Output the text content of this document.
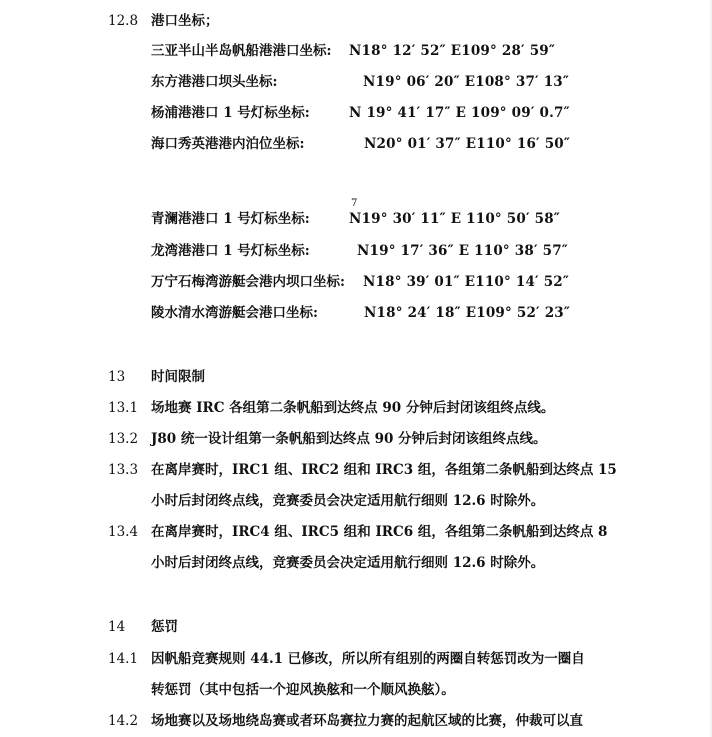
12.8 港口坐标；
三亚半山半岛帆船港港口坐标: N18° 12′ 52″ E109° 28′ 59″
东方港港口坝头坐标:	N19° 06′ 20″ E108° 37′ 13″
杨浦港港口 1 号灯标坐标:	N 19° 41′ 17″ E 109° 09′ 0.7″
海口秀英港港内泊位坐标:	N20° 01′ 37″ E110° 16′ 50″
7
青澜港港口 1 号灯标坐标:	N19° 30′ 11″ E 110° 50′ 58″
龙湾港港口 1 号灯标坐标:	N19° 17′ 36″ E 110° 38′ 57″
万宁石梅湾游艇会港内坝口坐标: N18° 39′ 01″ E110° 14′ 52″
陵水清水湾游艇会港口坐标:	N18° 24′ 18″ E109° 52′ 23″
13 时间限制
13.1 场地赛 IRC 各组第二条帆船到达终点 90 分钟后封闭该组终点线。
13.2 J80 统一设计组第一条帆船到达终点 90 分钟后封闭该组终点线。
13.3 在离岸赛时，IRC1 组、IRC2 组和 IRC3 组，各组第二条帆船到达终点 15
小时后封闭终点线，竞赛委员会决定适用航行细则 12.6 时除外。
13.4 在离岸赛时，IRC4 组、IRC5 组和 IRC6 组，各组第二条帆船到达终点 8
小时后封闭终点线，竞赛委员会决定适用航行细则 12.6 时除外。
14 惩罚
14.1 因帆船竞赛规则 44.1 已修改，所以所有组别的两圈自转惩罚改为一圈自
转惩罚（其中包括一个迎风换舷和一个顺风换舷）。
14.2 场地赛以及场地绕岛赛或者环岛赛拉力赛的起航区域的比赛，仲裁可以直
